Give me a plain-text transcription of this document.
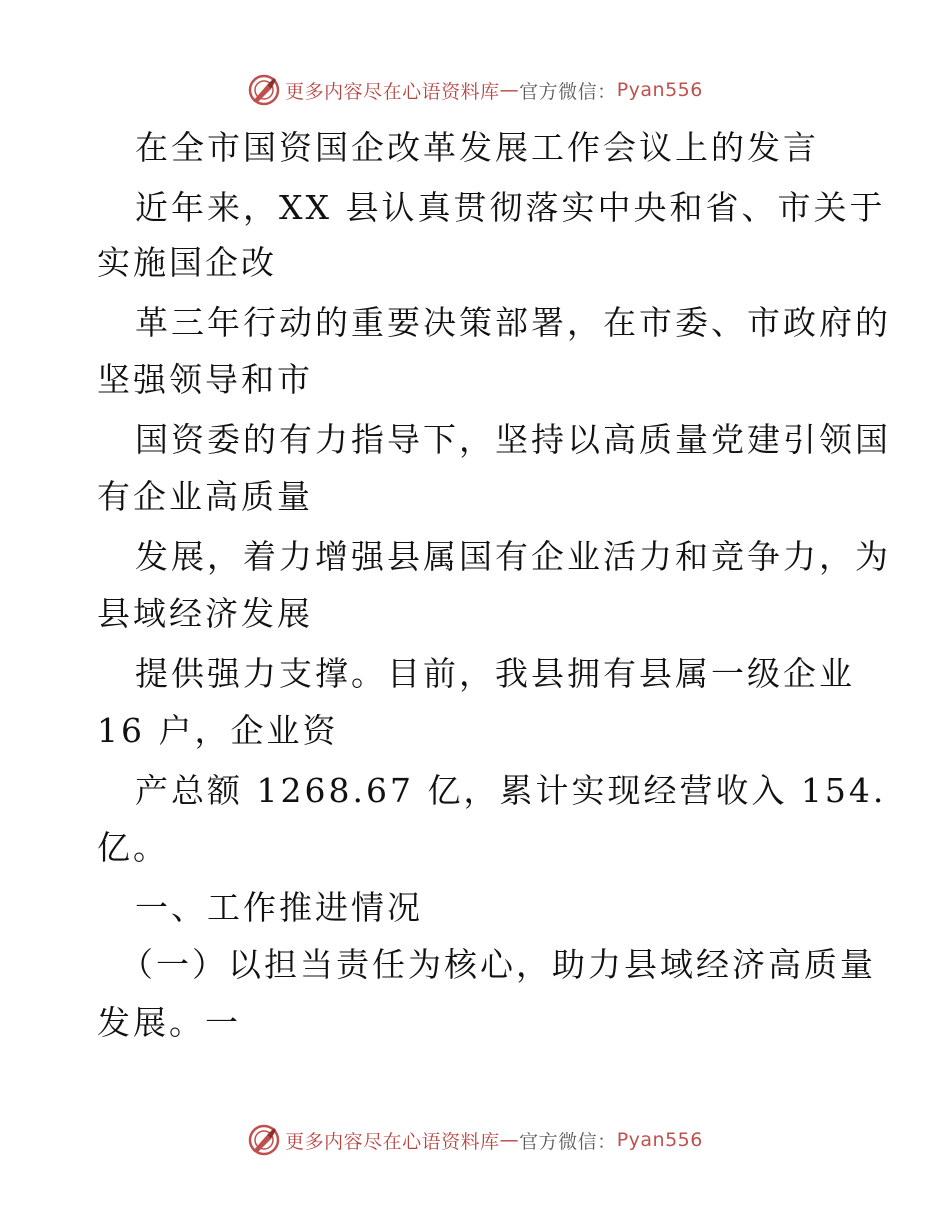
更多内容尽在心语资料库 — 官方微信： Pyan556
在全市国资国企改革发展工作会议上的发言
近年来，XX 县认真贯彻落实中央和省、市关于
实施国企改
革三年行动的重要决策部署，在市委、市政府的
坚强领导和市
国资委的有力指导下，坚持以高质量党建引领国
有企业高质量
发展，着力增强县属国有企业活力和竞争力，为
县域经济发展
提供强力支撑。目前，我县拥有县属一级企业
16 户，企业资
产总额 1268.67 亿，累计实现经营收入 154.
亿。
一、工作推进情况
（一）以担当责任为核心，助力县域经济高质量
发展。一
更多内容尽在心语资料库 — 官方微信： Pyan556
